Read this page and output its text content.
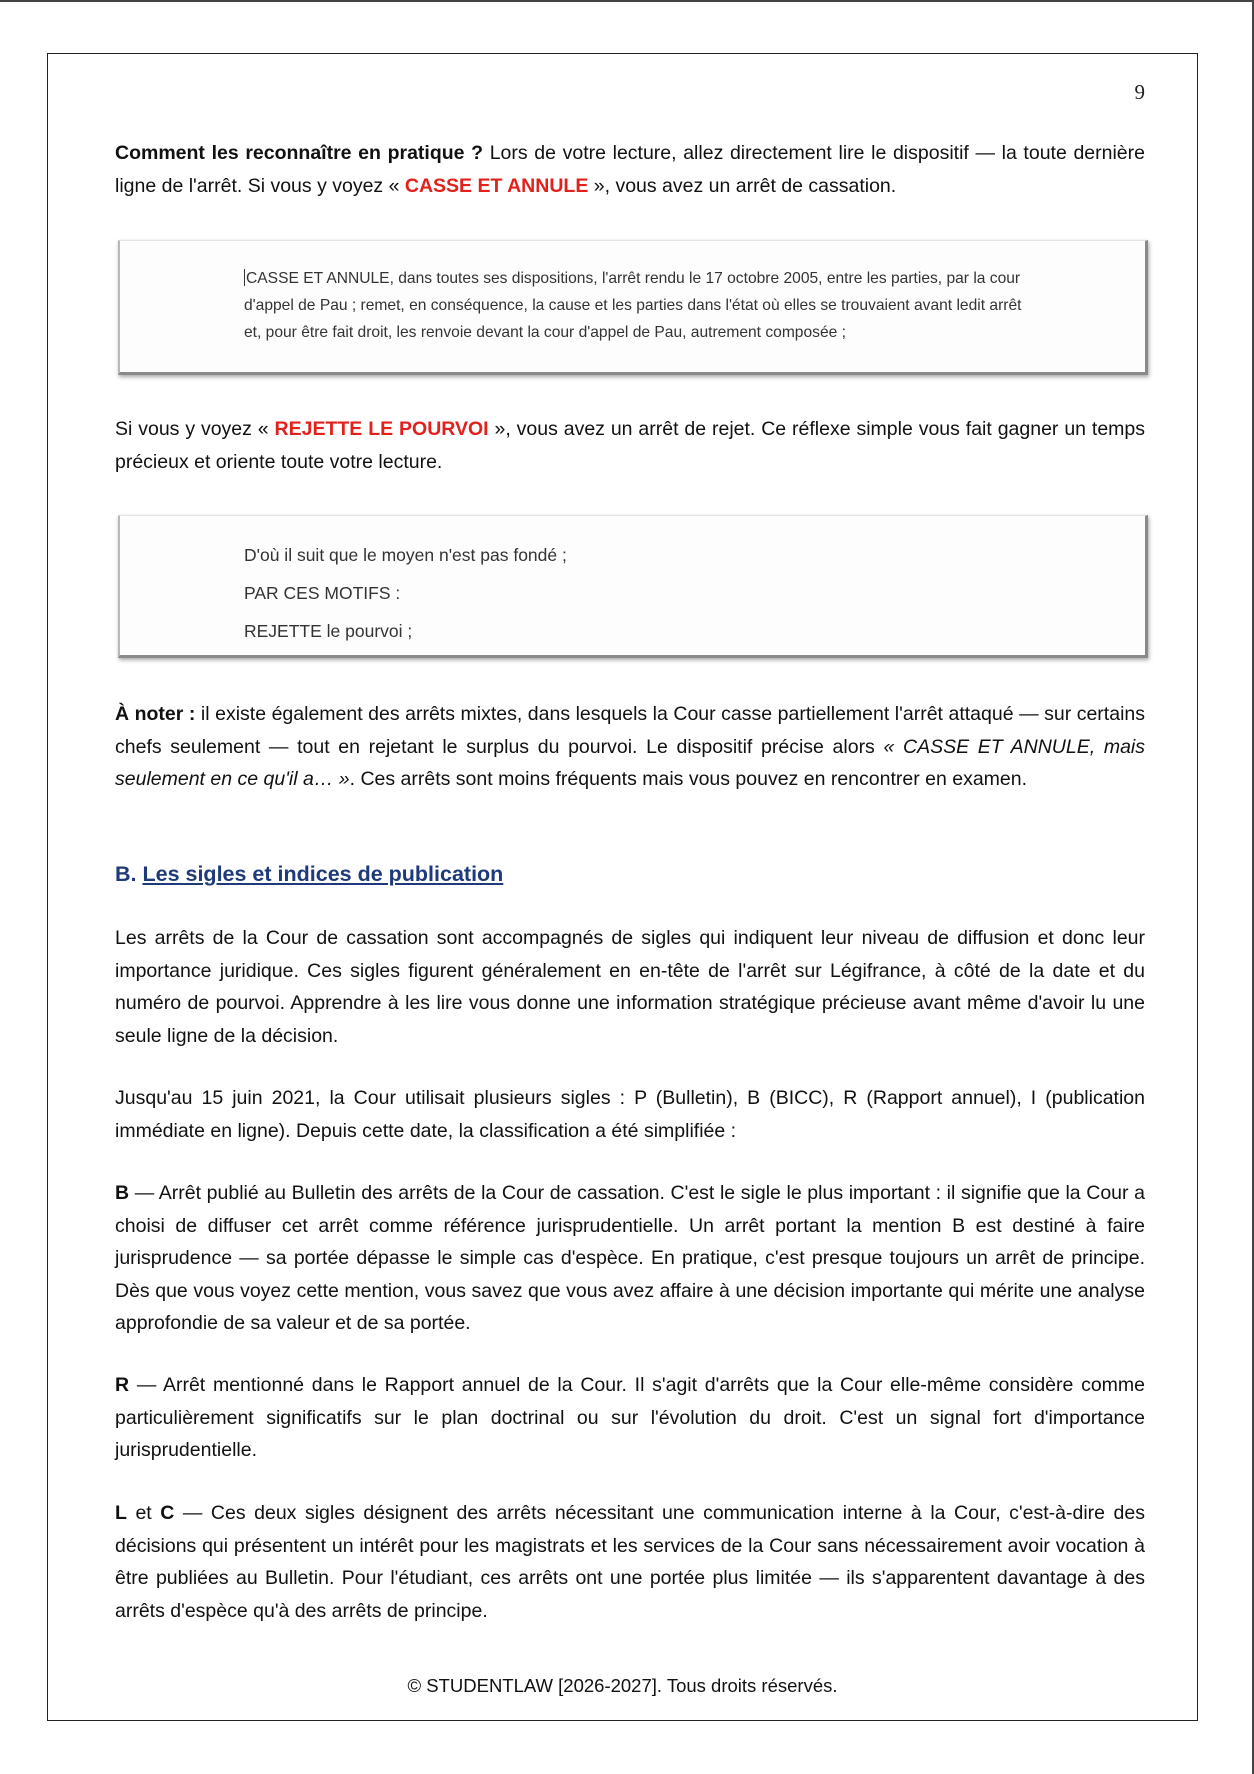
9
Comment les reconnaître en pratique ? Lors de votre lecture, allez directement lire le dispositif — la toute dernière ligne de l'arrêt. Si vous y voyez « CASSE ET ANNULE », vous avez un arrêt de cassation.
CASSE ET ANNULE, dans toutes ses dispositions, l'arrêt rendu le 17 octobre 2005, entre les parties, par la cour d'appel de Pau ; remet, en conséquence, la cause et les parties dans l'état où elles se trouvaient avant ledit arrêt et, pour être fait droit, les renvoie devant la cour d'appel de Pau, autrement composée ;
Si vous y voyez « REJETTE LE POURVOI », vous avez un arrêt de rejet. Ce réflexe simple vous fait gagner un temps précieux et oriente toute votre lecture.
D'où il suit que le moyen n'est pas fondé ;
PAR CES MOTIFS :
REJETTE le pourvoi ;
À noter : il existe également des arrêts mixtes, dans lesquels la Cour casse partiellement l'arrêt attaqué — sur certains chefs seulement — tout en rejetant le surplus du pourvoi. Le dispositif précise alors « CASSE ET ANNULE, mais seulement en ce qu'il a… ». Ces arrêts sont moins fréquents mais vous pouvez en rencontrer en examen.
B. Les sigles et indices de publication
Les arrêts de la Cour de cassation sont accompagnés de sigles qui indiquent leur niveau de diffusion et donc leur importance juridique. Ces sigles figurent généralement en en-tête de l'arrêt sur Légifrance, à côté de la date et du numéro de pourvoi. Apprendre à les lire vous donne une information stratégique précieuse avant même d'avoir lu une seule ligne de la décision.
Jusqu'au 15 juin 2021, la Cour utilisait plusieurs sigles : P (Bulletin), B (BICC), R (Rapport annuel), I (publication immédiate en ligne). Depuis cette date, la classification a été simplifiée :
B — Arrêt publié au Bulletin des arrêts de la Cour de cassation. C'est le sigle le plus important : il signifie que la Cour a choisi de diffuser cet arrêt comme référence jurisprudentielle. Un arrêt portant la mention B est destiné à faire jurisprudence — sa portée dépasse le simple cas d'espèce. En pratique, c'est presque toujours un arrêt de principe. Dès que vous voyez cette mention, vous savez que vous avez affaire à une décision importante qui mérite une analyse approfondie de sa valeur et de sa portée.
R — Arrêt mentionné dans le Rapport annuel de la Cour. Il s'agit d'arrêts que la Cour elle-même considère comme particulièrement significatifs sur le plan doctrinal ou sur l'évolution du droit. C'est un signal fort d'importance jurisprudentielle.
L et C — Ces deux sigles désignent des arrêts nécessitant une communication interne à la Cour, c'est-à-dire des décisions qui présentent un intérêt pour les magistrats et les services de la Cour sans nécessairement avoir vocation à être publiées au Bulletin. Pour l'étudiant, ces arrêts ont une portée plus limitée — ils s'apparentent davantage à des arrêts d'espèce qu'à des arrêts de principe.
© STUDENTLAW [2026-2027]. Tous droits réservés.
